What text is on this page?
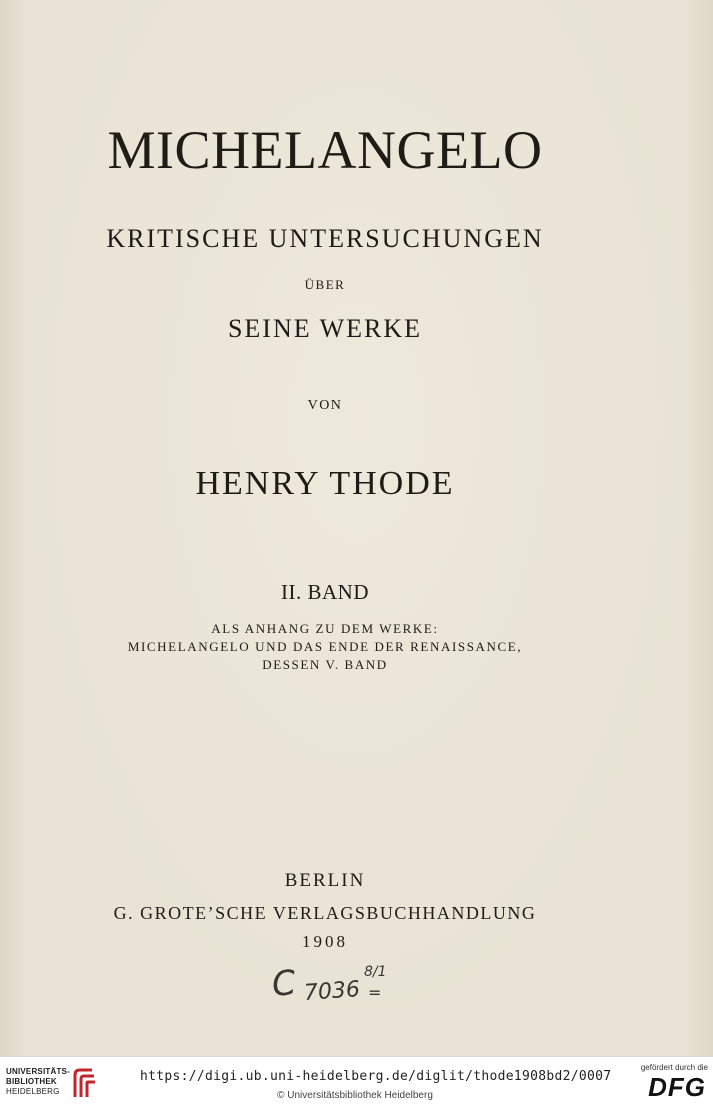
MICHELANGELO
KRITISCHE UNTERSUCHUNGEN
ÜBER
SEINE WERKE
VON
HENRY THODE
II. BAND
ALS ANHANG ZU DEM WERKE:
MICHELANGELO UND DAS ENDE DER RENAISSANCE,
DESSEN V. BAND
BERLIN
G. GROTE’SCHE VERLAGSBUCHHANDLUNG
1908
C 7036
8/1
=
UNIVERSITÄTS-
BIBLIOTHEK
HEIDELBERG
https://digi.ub.uni-heidelberg.de/diglit/thode1908bd2/0007
© Universitätsbibliothek Heidelberg
gefördert durch die
DFG
